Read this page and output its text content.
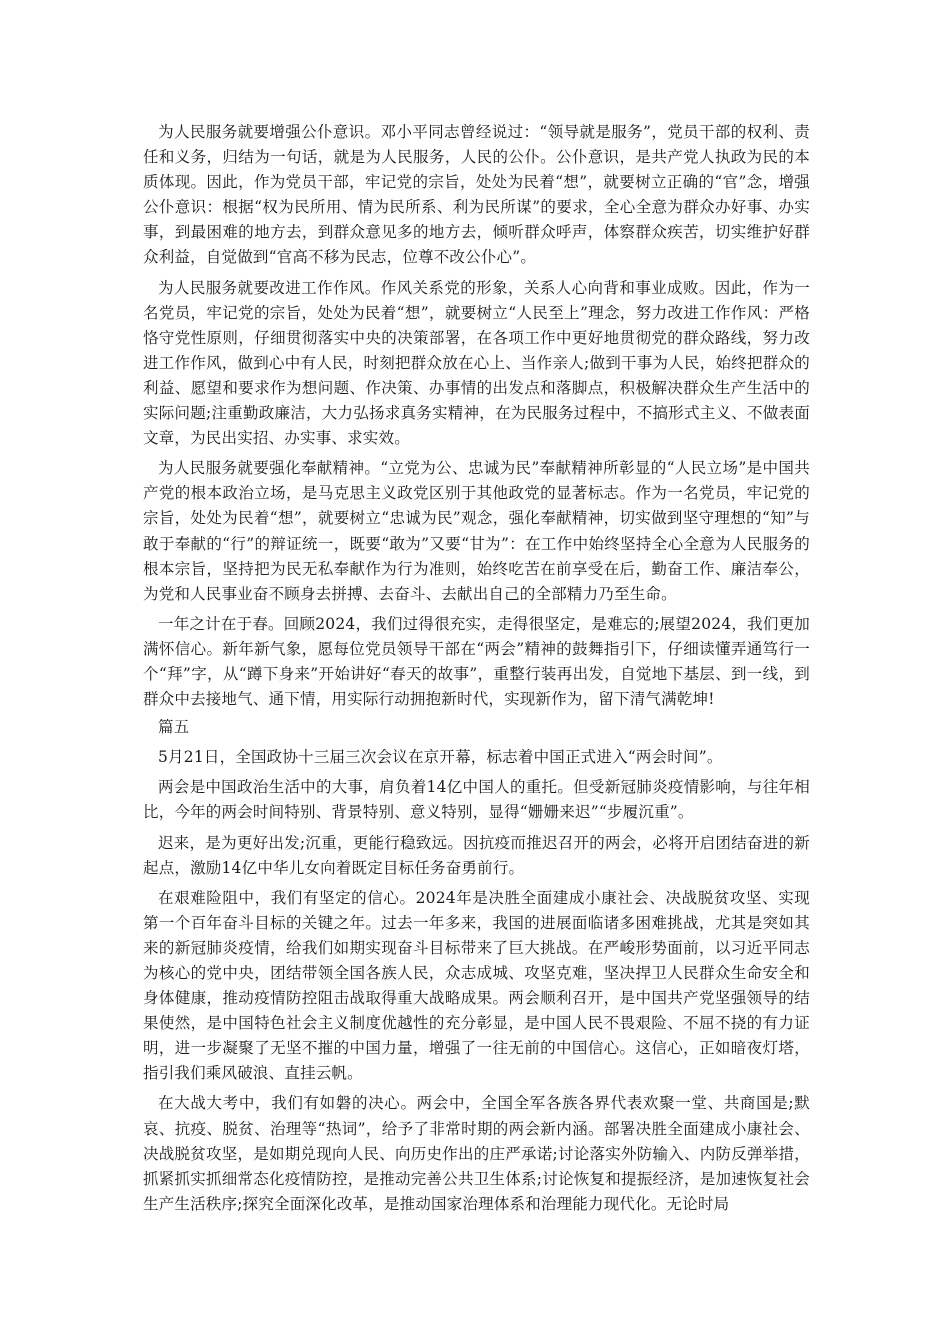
为人民服务就要增强公仆意识。邓小平同志曾经说过：“领导就是服务”，党员干部的权利、责任和义务，归结为一句话，就是为人民服务，人民的公仆。公仆意识，是共产党人执政为民的本质体现。因此，作为党员干部，牢记党的宗旨，处处为民着“想”，就要树立正确的“官”念，增强公仆意识：根据“权为民所用、情为民所系、利为民所谋”的要求，全心全意为群众办好事、办实事，到最困难的地方去，到群众意见多的地方去，倾听群众呼声，体察群众疾苦，切实维护好群众利益，自觉做到“官高不移为民志，位尊不改公仆心”。

为人民服务就要改进工作作风。作风关系党的形象，关系人心向背和事业成败。因此，作为一名党员，牢记党的宗旨，处处为民着“想”，就要树立“人民至上”理念，努力改进工作作风：严格恪守党性原则，仔细贯彻落实中央的决策部署，在各项工作中更好地贯彻党的群众路线，努力改进工作作风，做到心中有人民，时刻把群众放在心上、当作亲人;做到干事为人民，始终把群众的利益、愿望和要求作为想问题、作决策、办事情的出发点和落脚点，积极解决群众生产生活中的实际问题;注重勤政廉洁，大力弘扬求真务实精神，在为民服务过程中，不搞形式主义、不做表面文章，为民出实招、办实事、求实效。

为人民服务就要强化奉献精神。“立党为公、忠诚为民”奉献精神所彰显的“人民立场”是中国共产党的根本政治立场，是马克思主义政党区别于其他政党的显著标志。作为一名党员，牢记党的宗旨，处处为民着“想”，就要树立“忠诚为民”观念，强化奉献精神，切实做到坚守理想的“知”与敢于奉献的“行”的辩证统一，既要“敢为”又要“甘为”：在工作中始终坚持全心全意为人民服务的根本宗旨，坚持把为民无私奉献作为行为准则，始终吃苦在前享受在后，勤奋工作、廉洁奉公，为党和人民事业奋不顾身去拼搏、去奋斗、去献出自己的全部精力乃至生命。

一年之计在于春。回顾2024，我们过得很充实，走得很坚定，是难忘的;展望2024，我们更加满怀信心。新年新气象，愿每位党员领导干部在“两会”精神的鼓舞指引下，仔细读懂弄通笃行一个“拜”字，从“蹲下身来”开始讲好“春天的故事”，重整行装再出发，自觉地下基层、到一线，到群众中去接地气、通下情，用实际行动拥抱新时代，实现新作为，留下清气满乾坤!

篇五

5月21日，全国政协十三届三次会议在京开幕，标志着中国正式进入“两会时间”。

两会是中国政治生活中的大事，肩负着14亿中国人的重托。但受新冠肺炎疫情影响，与往年相比，今年的两会时间特别、背景特别、意义特别，显得“姗姗来迟”“步履沉重”。

迟来，是为更好出发;沉重，更能行稳致远。因抗疫而推迟召开的两会，必将开启团结奋进的新起点，激励14亿中华儿女向着既定目标任务奋勇前行。

在艰难险阻中，我们有坚定的信心。2024年是决胜全面建成小康社会、决战脱贫攻坚、实现第一个百年奋斗目标的关键之年。过去一年多来，我国的进展面临诸多困难挑战，尤其是突如其来的新冠肺炎疫情，给我们如期实现奋斗目标带来了巨大挑战。在严峻形势面前，以习近平同志为核心的党中央，团结带领全国各族人民，众志成城、攻坚克难，坚决捍卫人民群众生命安全和身体健康，推动疫情防控阻击战取得重大战略成果。两会顺利召开，是中国共产党坚强领导的结果使然，是中国特色社会主义制度优越性的充分彰显，是中国人民不畏艰险、不屈不挠的有力证明，进一步凝聚了无坚不摧的中国力量，增强了一往无前的中国信心。这信心，正如暗夜灯塔，指引我们乘风破浪、直挂云帆。

在大战大考中，我们有如磐的决心。两会中，全国全军各族各界代表欢聚一堂、共商国是;默哀、抗疫、脱贫、治理等“热词”，给予了非常时期的两会新内涵。部署决胜全面建成小康社会、决战脱贫攻坚，是如期兑现向人民、向历史作出的庄严承诺;讨论落实外防输入、内防反弹举措，抓紧抓实抓细常态化疫情防控，是推动完善公共卫生体系;讨论恢复和提振经济，是加速恢复社会生产生活秩序;探究全面深化改革，是推动国家治理体系和治理能力现代化。无论时局
